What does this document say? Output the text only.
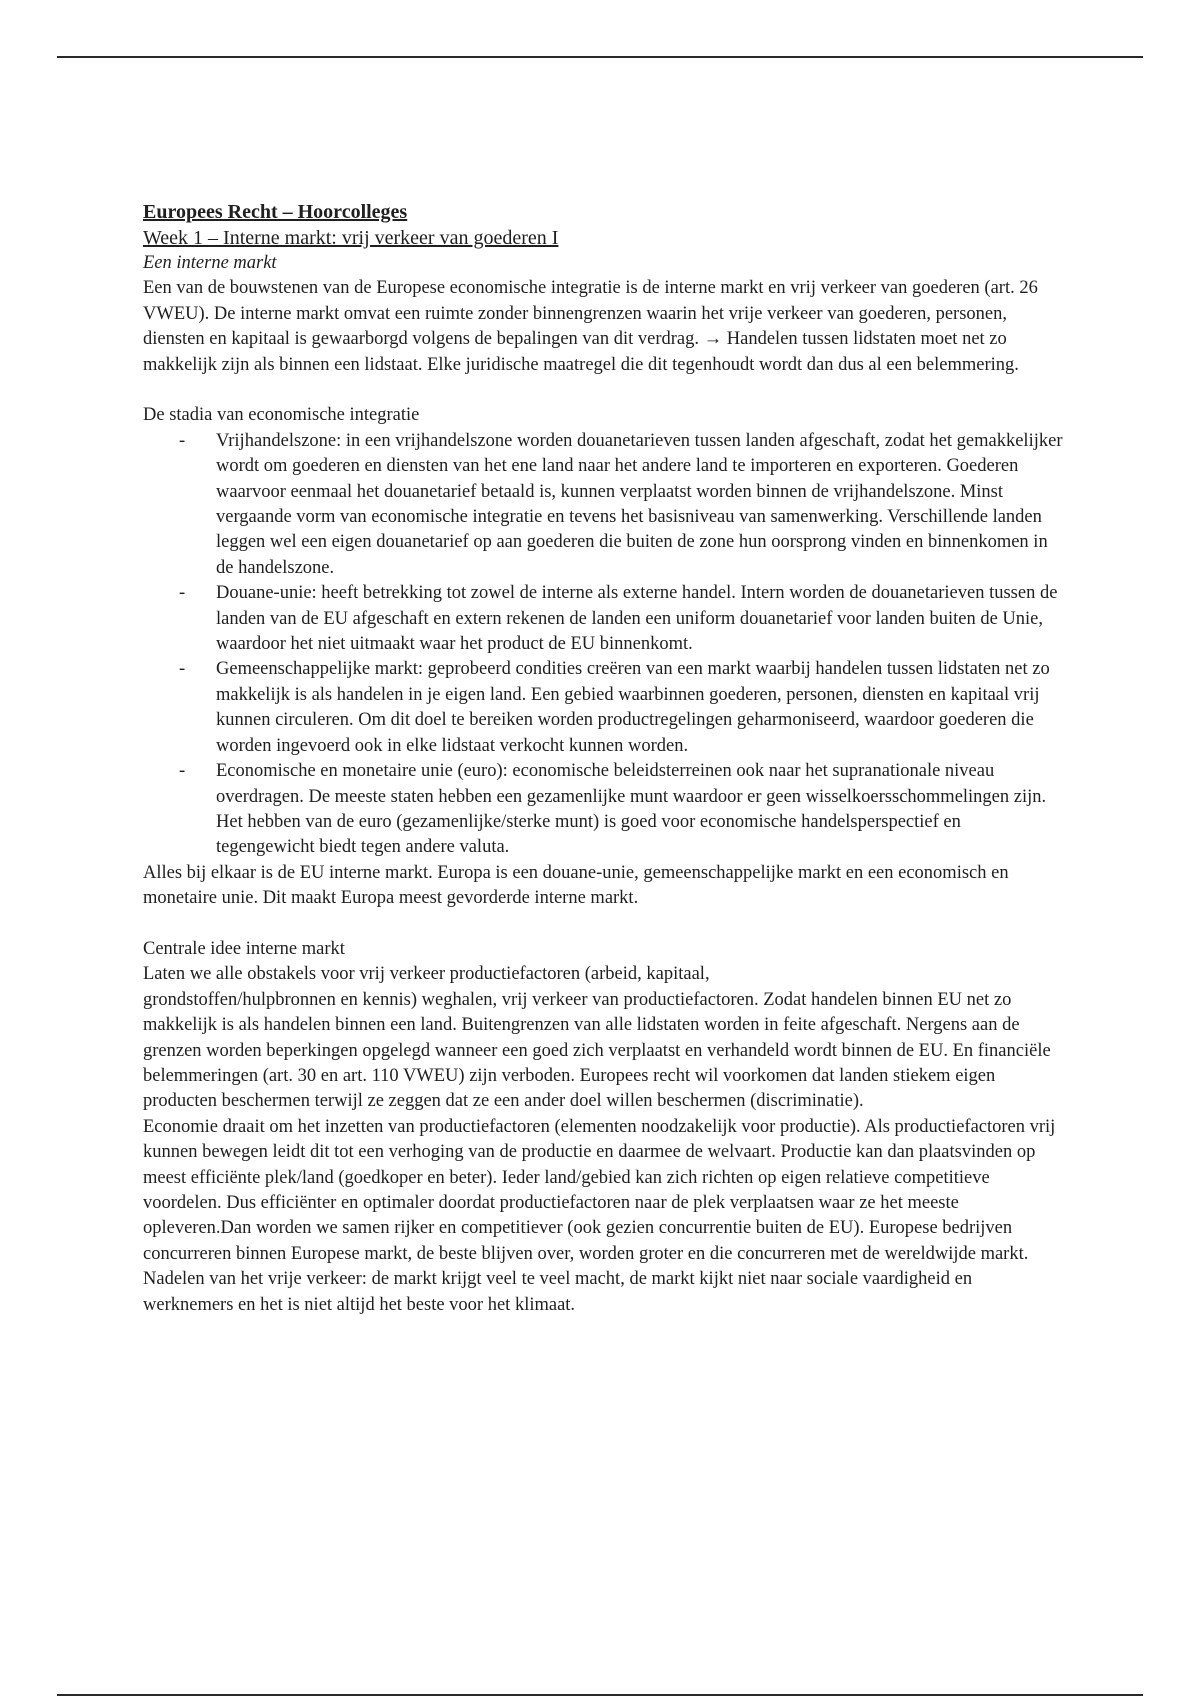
Europees Recht – Hoorcolleges

Week 1 – Interne markt: vrij verkeer van goederen I

Een interne markt

Een van de bouwstenen van de Europese economische integratie is de interne markt en vrij verkeer van goederen (art. 26 VWEU). De interne markt omvat een ruimte zonder binnengrenzen waarin het vrije verkeer van goederen, personen, diensten en kapitaal is gewaarborgd volgens de bepalingen van dit verdrag. → Handelen tussen lidstaten moet net zo makkelijk zijn als binnen een lidstaat. Elke juridische maatregel die dit tegenhoudt wordt dan dus al een belemmering.

De stadia van economische integratie

- Vrijhandelszone: in een vrijhandelszone worden douanetarieven tussen landen afgeschaft, zodat het gemakkelijker wordt om goederen en diensten van het ene land naar het andere land te importeren en exporteren. Goederen waarvoor eenmaal het douanetarief betaald is, kunnen verplaatst worden binnen de vrijhandelszone. Minst vergaande vorm van economische integratie en tevens het basisniveau van samenwerking. Verschillende landen leggen wel een eigen douanetarief op aan goederen die buiten de zone hun oorsprong vinden en binnenkomen in de handelszone.
- Douane-unie: heeft betrekking tot zowel de interne als externe handel. Intern worden de douanetarieven tussen de landen van de EU afgeschaft en extern rekenen de landen een uniform douanetarief voor landen buiten de Unie, waardoor het niet uitmaakt waar het product de EU binnenkomt.
- Gemeenschappelijke markt: geprobeerd condities creëren van een markt waarbij handelen tussen lidstaten net zo makkelijk is als handelen in je eigen land. Een gebied waarbinnen goederen, personen, diensten en kapitaal vrij kunnen circuleren. Om dit doel te bereiken worden productregelingen geharmoniseerd, waardoor goederen die worden ingevoerd ook in elke lidstaat verkocht kunnen worden.
- Economische en monetaire unie (euro): economische beleidsterreinen ook naar het supranationale niveau overdragen. De meeste staten hebben een gezamenlijke munt waardoor er geen wisselkoersschommelingen zijn. Het hebben van de euro (gezamenlijke/sterke munt) is goed voor economische handelsperspectief en tegengewicht biedt tegen andere valuta.

Alles bij elkaar is de EU interne markt. Europa is een douane-unie, gemeenschappelijke markt en een economisch en monetaire unie. Dit maakt Europa meest gevorderde interne markt.

Centrale idee interne markt

Laten we alle obstakels voor vrij verkeer productiefactoren (arbeid, kapitaal,

grondstoffen/hulpbronnen en kennis) weghalen, vrij verkeer van productiefactoren. Zodat handelen binnen EU net zo makkelijk is als handelen binnen een land. Buitengrenzen van alle lidstaten worden in feite afgeschaft. Nergens aan de grenzen worden beperkingen opgelegd wanneer een goed zich verplaatst en verhandeld wordt binnen de EU. En financiële belemmeringen (art. 30 en art. 110 VWEU) zijn verboden. Europees recht wil voorkomen dat landen stiekem eigen producten beschermen terwijl ze zeggen dat ze een ander doel willen beschermen (discriminatie).

Economie draait om het inzetten van productiefactoren (elementen noodzakelijk voor productie). Als productiefactoren vrij kunnen bewegen leidt dit tot een verhoging van de productie en daarmee de welvaart. Productie kan dan plaatsvinden op meest efficiënte plek/land (goedkoper en beter). Ieder land/gebied kan zich richten op eigen relatieve competitieve voordelen. Dus efficiënter en optimaler doordat productiefactoren naar de plek verplaatsen waar ze het meeste opleveren.Dan worden we samen rijker en competitiever (ook gezien concurrentie buiten de EU). Europese bedrijven concurreren binnen Europese markt, de beste blijven over, worden groter en die concurreren met de wereldwijde markt.

Nadelen van het vrije verkeer: de markt krijgt veel te veel macht, de markt kijkt niet naar sociale vaardigheid en werknemers en het is niet altijd het beste voor het klimaat.
